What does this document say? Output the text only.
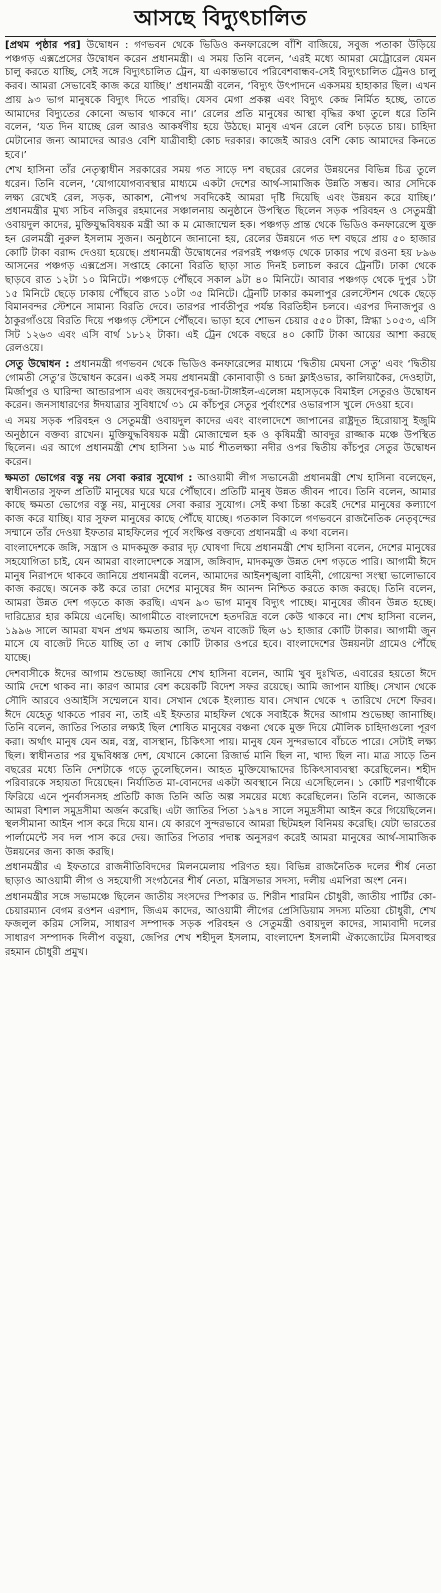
আসছে বিদ্যুৎচালিত

[প্রথম পৃষ্ঠার পর] উদ্বোধন : গণভবন থেকে ভিডিও কনফারেন্সে বাঁশি বাজিয়ে, সবুজ পতাকা উড়িয়ে পঞ্চগড় এক্সপ্রেসের উদ্বোধন করেন প্রধানমন্ত্রী। এ সময় তিনি বলেন, ‘এরই মধ্যে আমরা মেট্রোরেল যেমন চালু করতে যাচ্ছি, সেই সঙ্গে বিদ্যুৎচালিত ট্রেন, যা একান্তভাবে পরিবেশবান্ধব-সেই বিদ্যুৎচালিত ট্রেনও চালু করব। আমরা সেভাবেই কাজ করে যাচ্ছি।’ প্রধানমন্ত্রী বলেন, ‘বিদ্যুৎ উৎপাদনে একসময় হাহাকার ছিল। এখন প্রায় ৯৩ ভাগ মানুষকে বিদ্যুৎ দিতে পারছি। যেসব মেগা প্রকল্প এবং বিদ্যুৎ কেন্দ্র নির্মিত হচ্ছে, তাতে আমাদের বিদ্যুতের কোনো অভাব থাকবে না।’ রেলের প্রতি মানুষের আস্থা বৃদ্ধির কথা তুলে ধরে তিনি বলেন, ‘যত দিন যাচ্ছে রেল আরও আকর্ষণীয় হয়ে উঠছে। মানুষ এখন রেলে বেশি চড়তে চায়। চাহিদা মেটানোর জন্য আমাদের আরও বেশি যাত্রীবাহী কোচ দরকার। কাজেই আরও বেশি কোচ আমাদের কিনতে হবে।’

শেখ হাসিনা তাঁর নেতৃত্বাধীন সরকারের সময় গত সাড়ে দশ বছরের রেলের উন্নয়নের বিভিন্ন চিত্র তুলে ধরেন। তিনি বলেন, ‘যোগাযোগব্যবস্থার মাধ্যমে একটা দেশের আর্থ-সামাজিক উন্নতি সম্ভব। আর সেদিকে লক্ষ্য রেখেই রেল, সড়ক, আকাশ, নৌপথ সবদিকেই আমরা দৃষ্টি দিয়েছি এবং উন্নয়ন করে যাচ্ছি।’ প্রধানমন্ত্রীর মুখ্য সচিব নজিবুর রহমানের সঞ্চালনায় অনুষ্ঠানে উপস্থিত ছিলেন সড়ক পরিবহন ও সেতুমন্ত্রী ওবায়দুল কাদের, মুক্তিযুদ্ধবিষয়ক মন্ত্রী আ ক ম মোজাম্মেল হক। পঞ্চগড় প্রান্ত থেকে ভিডিও কনফারেন্সে যুক্ত হন রেলমন্ত্রী নুরুল ইসলাম সুজন। অনুষ্ঠানে জানানো হয়, রেলের উন্নয়নে গত দশ বছরে প্রায় ৫০ হাজার কোটি টাকা বরাদ্দ দেওয়া হয়েছে। প্রধানমন্ত্রী উদ্বোধনের পরপরই পঞ্চগড় থেকে ঢাকার পথে রওনা হয় ৮৯৬ আসনের পঞ্চগড় এক্সপ্রেস। সপ্তাহে কোনো বিরতি ছাড়া সাত দিনই চলাচল করবে ট্রেনটি। ঢাকা থেকে ছাড়বে রাত ১২টা ১০ মিনিটে। পঞ্চগড়ে পৌঁছবে সকাল ৯টা ৪০ মিনিটে। আবার পঞ্চগড় থেকে দুপুর ১টা ১৫ মিনিটে ছেড়ে ঢাকায় পৌঁছবে রাত ১০টা ৩৫ মিনিটে। ট্রেনটি ঢাকার কমলাপুর রেলস্টেশন থেকে ছেড়ে বিমানবন্দর স্টেশনে সামান্য বিরতি দেবে। তারপর পার্বতীপুর পর্যন্ত বিরতিহীন চলবে। এরপর দিনাজপুর ও ঠাকুরগাঁওয়ে বিরতি দিয়ে পঞ্চগড় স্টেশনে পৌঁছবে। ভাড়া হবে শোভন চেয়ার ৫৫০ টাকা, স্নিগ্ধা ১০৫৩, এসি সিট ১২৬৩ এবং এসি বার্থ ১৮১২ টাকা। এই ট্রেন থেকে বছরে ৪০ কোটি টাকা আয়ের আশা করছে রেলওয়ে।

সেতু উদ্বোধন : প্রধানমন্ত্রী গণভবন থেকে ভিডিও কনফারেন্সের মাধ্যমে ‘দ্বিতীয় মেঘনা সেতু’ এবং ‘দ্বিতীয় গোমতী সেতু’র উদ্বোধন করেন। একই সময় প্রধানমন্ত্রী কোনাবাড়ী ও চন্দ্রা ফ্লাইওভার, কালিয়াকৈর, দেওহাটা, মির্জাপুর ও ঘারিন্দা আন্ডারপাস এবং জয়দেবপুর-চন্দ্রা-টাঙ্গাইল-এলেঙ্গা মহাসড়কে বিমাইল সেতুরও উদ্বোধন করেন। জনসাধারণের ঈদযাত্রার সুবিধার্থে ৩১ মে কাঁচপুর সেতুর পুর্বাংশের ওভারপাস খুলে দেওয়া হবে।

এ সময় সড়ক পরিবহন ও সেতুমন্ত্রী ওবায়দুল কাদের এবং বাংলাদেশে জাপানের রাষ্ট্রদূত হিরোয়াসু ইজুমি অনুষ্ঠানে বক্তব্য রাখেন। মুক্তিযুদ্ধবিষয়ক মন্ত্রী মোজাম্মেল হক ও কৃষিমন্ত্রী আবদুর রাজ্জাক মঞ্চে উপস্থিত ছিলেন। এর আগে প্রধানমন্ত্রী শেখ হাসিনা ১৬ মার্চ শীতলক্ষ্যা নদীর ওপর দ্বিতীয় কাঁচপুর সেতুর উদ্বোধন করেন।

ক্ষমতা ভোগের বস্তু নয় সেবা করার সুযোগ : আওয়ামী লীগ সভানেত্রী প্রধানমন্ত্রী শেখ হাসিনা বলেছেন, স্বাধীনতার সুফল প্রতিটি মানুষের ঘরে ঘরে পৌঁছাবে। প্রতিটি মানুষ উন্নত জীবন পাবে। তিনি বলেন, আমার কাছে ক্ষমতা ভোগের বস্তু নয়, মানুষের সেবা করার সুযোগ। সেই কথা চিন্তা করেই দেশের মানুষের কল্যাণে কাজ করে যাচ্ছি। যার সুফল মানুষের কাছে পৌঁছে যাচ্ছে। গতকাল বিকালে গণভবনে রাজনৈতিক নেতৃবৃন্দের সম্মানে তাঁর দেওয়া ইফতার মাহফিলের পূর্বে সংক্ষিপ্ত বক্তব্যে প্রধানমন্ত্রী এ কথা বলেন।

বাংলাদেশকে জঙ্গি, সন্ত্রাস ও মাদকমুক্ত করার দৃঢ় ঘোষণা দিয়ে প্রধানমন্ত্রী শেখ হাসিনা বলেন, দেশের মানুষের সহযোগিতা চাই, যেন আমরা বাংলাদেশকে সন্ত্রাস, জঙ্গিবাদ, মাদকমুক্ত উন্নত দেশ গড়তে পারি। আগামী ঈদে মানুষ নিরাপদে থাকবে জানিয়ে প্রধানমন্ত্রী বলেন, আমাদের আইনশৃঙ্খলা বাহিনী, গোয়েন্দা সংস্থা ভালোভাবে কাজ করছে। অনেক কষ্ট করে তারা দেশের মানুষের ঈদ আনন্দ নিশ্চিত করতে কাজ করছে। তিনি বলেন, আমরা উন্নত দেশ গড়তে কাজ করছি। এখন ৯৩ ভাগ মানুষ বিদ্যুৎ পাচ্ছে। মানুষের জীবন উন্নত হচ্ছে। দারিদ্র্যের হার কমিয়ে এনেছি। আগামীতে বাংলাদেশে হতদরিদ্র বলে কেউ থাকবে না। শেখ হাসিনা বলেন, ১৯৯৬ সালে আমরা যখন প্রথম ক্ষমতায় আসি, তখন বাজেট ছিল ৬১ হাজার কোটি টাকার। আগামী জুন মাসে যে বাজেট দিতে যাচ্ছি তা ৫ লাখ কোটি টাকার ওপরে হবে। বাংলাদেশের উন্নয়নটা গ্রামেও পৌঁছে যাচ্ছে।

দেশবাসীকে ঈদের আগাম শুভেচ্ছা জানিয়ে শেখ হাসিনা বলেন, আমি খুব দুঃখিত, এবারের হয়তো ঈদে আমি দেশে থাকব না। কারণ আমার বেশ কয়েকটি বিদেশ সফর রয়েছে। আমি জাপান যাচ্ছি। সেখান থেকে সৌদি আরবে ওআইসি সম্মেলনে যাব। সেখান থেকে ইংল্যান্ড যাব। সেখান থেকে ৭ তারিখে দেশে ফিরব। ঈদে যেহেতু থাকতে পারব না, তাই এই ইফতার মাহফিল থেকে সবাইকে ঈদের আগাম শুভেচ্ছা জানাচ্ছি। তিনি বলেন, জাতির পিতার লক্ষ্যই ছিল শোষিত মানুষের বঞ্চনা থেকে মুক্ত দিয়ে মৌলিক চাহিদাগুলো পূরণ করা। অর্থাৎ মানুষ যেন অন্ন, বস্ত্র, বাসস্থান, চিকিৎসা পায়। মানুষ যেন সুন্দরভাবে বাঁচতে পারে। সেটাই লক্ষ্য ছিল। স্বাধীনতার পর যুদ্ধবিধ্বস্ত দেশ, যেখানে কোনো রিজার্ভ মানি ছিল না, খাদ্য ছিল না। মাত্র সাড়ে তিন বছরের মধ্যে তিনি দেশটাকে গড়ে তুলেছিলেন। আহত মুক্তিযোদ্ধাদের চিকিৎসাব্যবস্থা করেছিলেন। শহীদ পরিবারকে সহায়তা দিয়েছেন। নির্যাতিত মা-বোনদের একটা অবস্থানে নিয়ে এসেছিলেন। ১ কোটি শরণার্থীকে ফিরিয়ে এনে পুনর্বাসনসহ প্রতিটি কাজ তিনি অতি অল্প সময়ের মধ্যে করেছিলেন। তিনি বলেন, আজকে আমরা বিশাল সমুদ্রসীমা অর্জন করেছি। এটা জাতির পিতা ১৯৭৪ সালে সমুদ্রসীমা আইন করে গিয়েছিলেন। স্থলসীমানা আইন পাস করে দিয়ে যান। যে কারণে সুন্দরভাবে আমরা ছিটমহল বিনিময় করেছি। যেটা ভারতের পার্লামেন্টে সব দল পাস করে দেয়। জাতির পিতার পদাঙ্ক অনুসরণ করেই আমরা মানুষের আর্থ-সামাজিক উন্নয়নের জন্য কাজ করছি।

প্রধানমন্ত্রীর এ ইফতারে রাজনীতিবিদদের মিলনমেলায় পরিণত হয়। বিভিন্ন রাজনৈতিক দলের শীর্ষ নেতা ছাড়াও আওয়ামী লীগ ও সহযোগী সংগঠনের শীর্ষ নেতা, মন্ত্রিসভার সদস্য, দলীয় এমপিরা অংশ নেন।

প্রধানমন্ত্রীর সঙ্গে সভামঞ্চে ছিলেন জাতীয় সংসদের স্পিকার ড. শিরীন শারমিন চৌধুরী, জাতীয় পার্টির কো-চেয়ারম্যান বেগম রওশন এরশাদ, জিএম কাদের, আওয়ামী লীগের প্রেসিডিয়াম সদস্য মতিয়া চৌধুরী, শেখ ফজলুল করিম সেলিম, সাধারণ সম্পাদক সড়ক পরিবহন ও সেতুমন্ত্রী ওবায়দুল কাদের, সাম্যবাদী দলের সাধারণ সম্পাদক দিলীপ বড়ুয়া, জেপির শেখ শহীদুল ইসলাম, বাংলাদেশ ইসলামী ঐক্যজোটের মিসবাহুর রহমান চৌধুরী প্রমুখ।
